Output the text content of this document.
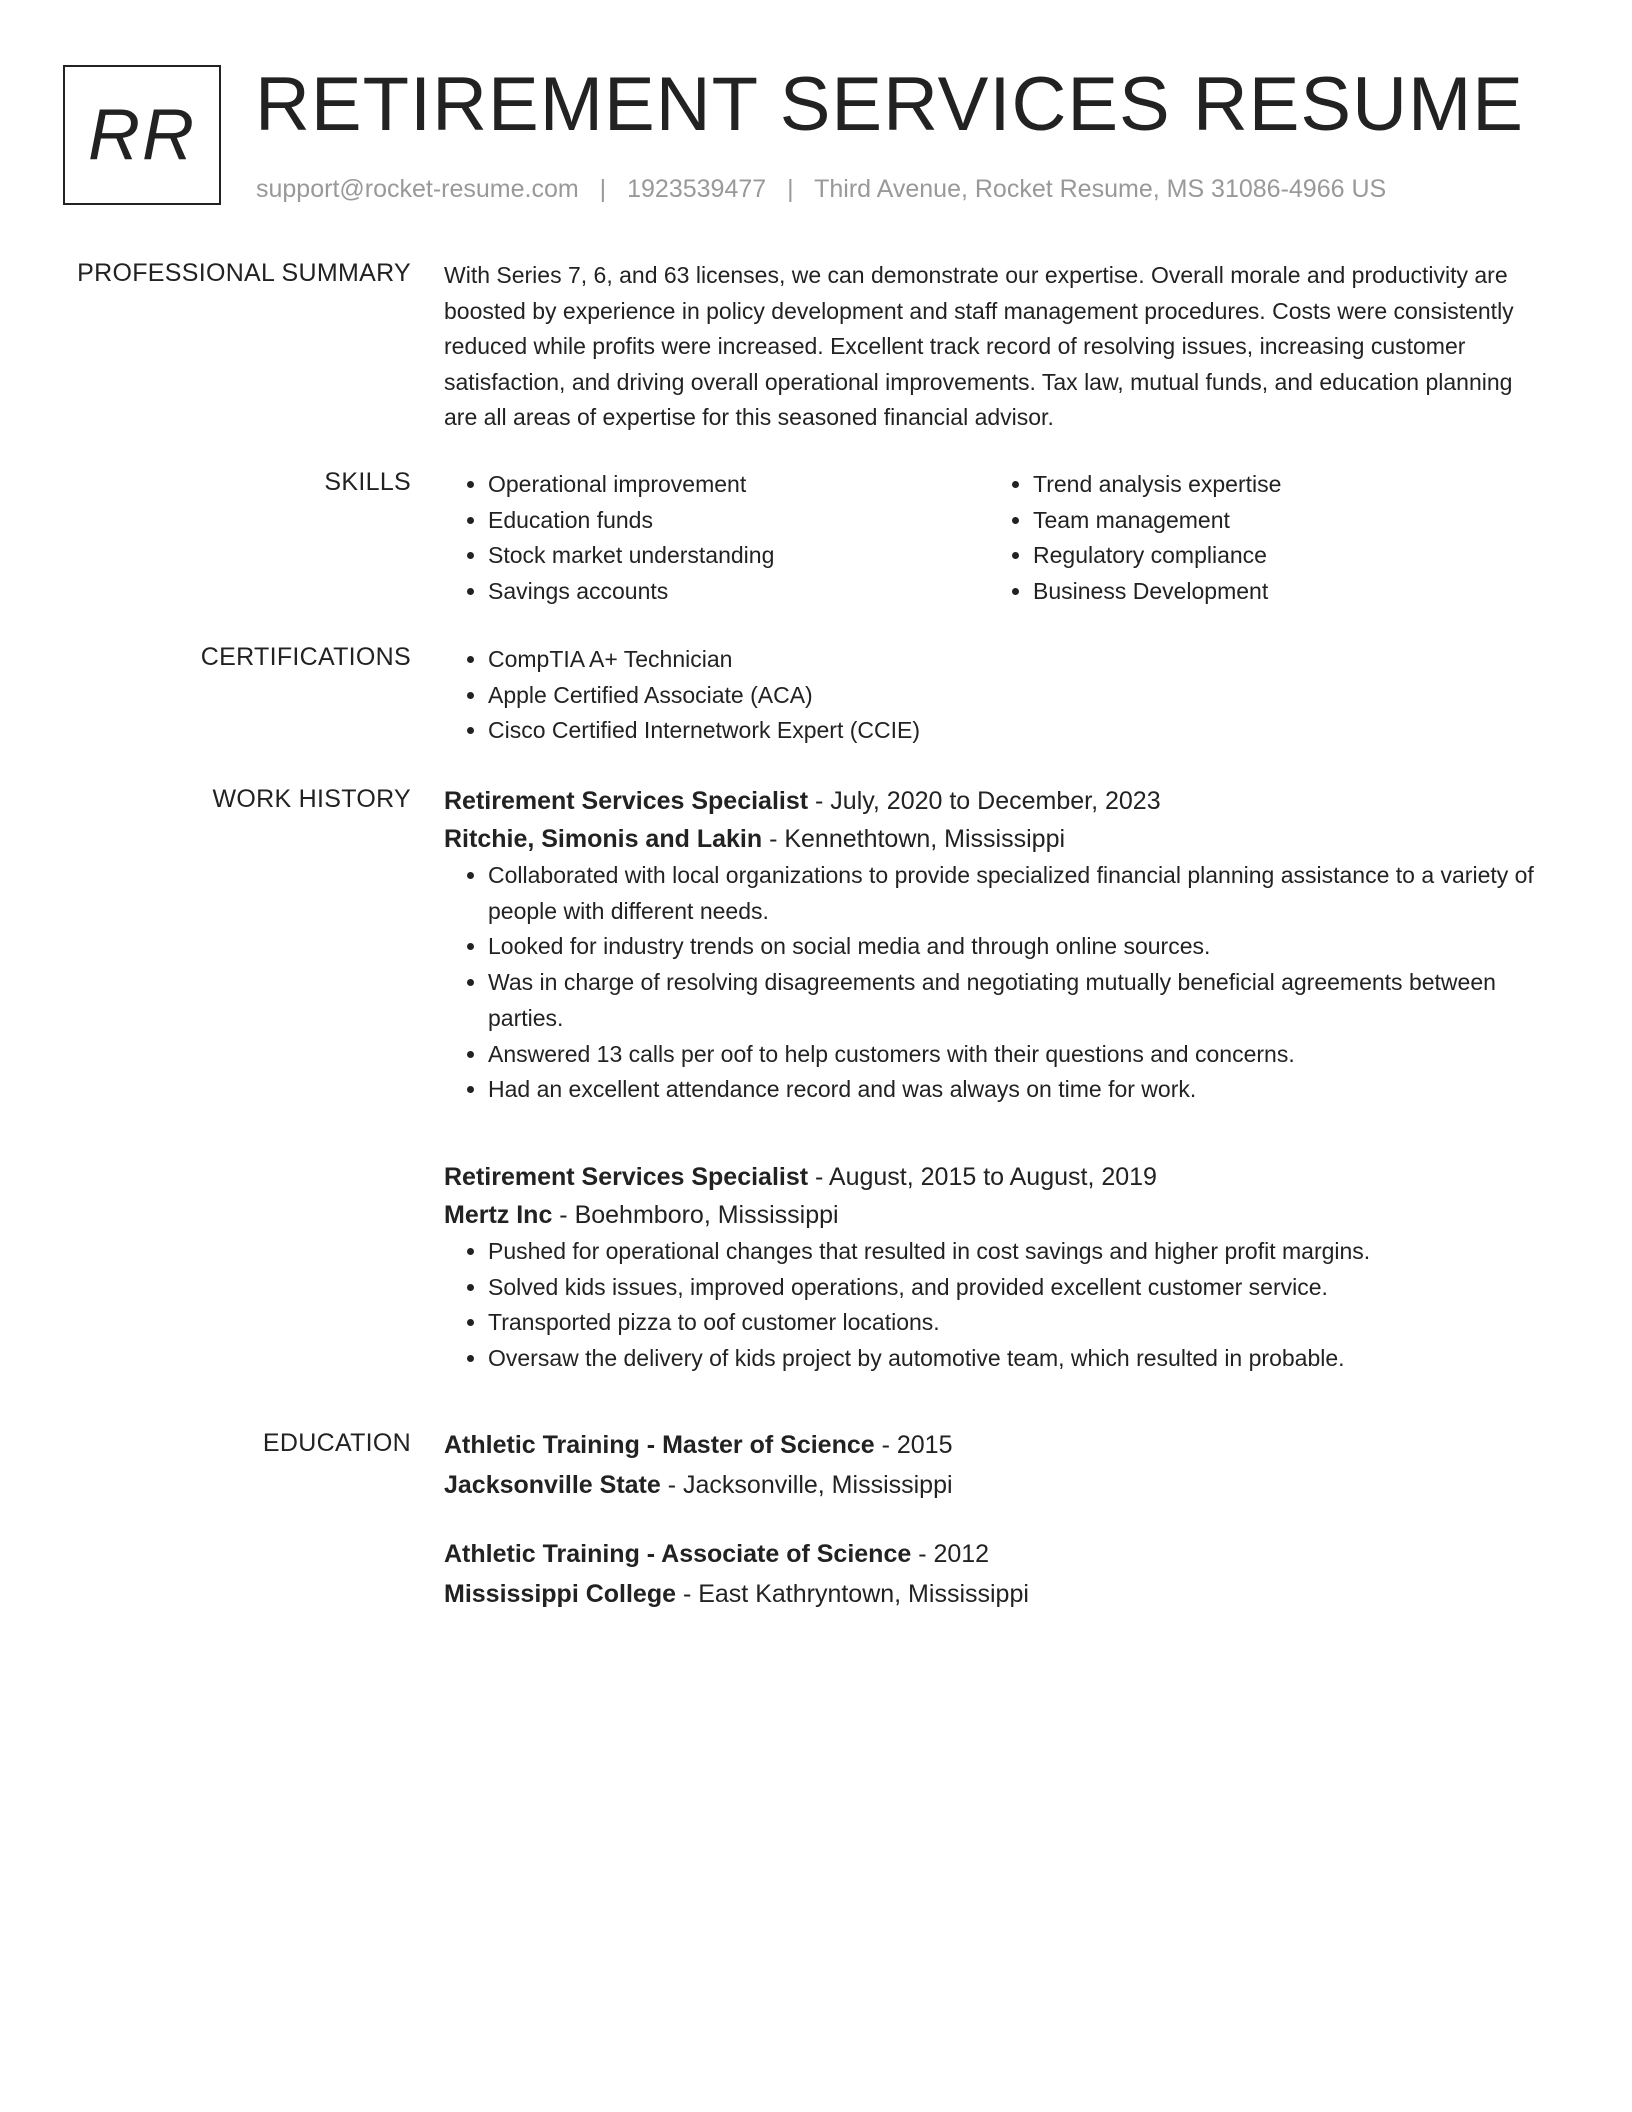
RR RETIREMENT SERVICES RESUME
support@rocket-resume.com | 1923539477 | Third Avenue, Rocket Resume, MS 31086-4966 US
PROFESSIONAL SUMMARY With Series 7, 6, and 63 licenses, we can demonstrate our expertise. Overall morale and productivity are boosted by experience in policy development and staff management procedures. Costs were consistently reduced while profits were increased. Excellent track record of resolving issues, increasing customer satisfaction, and driving overall operational improvements. Tax law, mutual funds, and education planning are all areas of expertise for this seasoned financial advisor.

SKILLS	• Operational improvement
• Education funds
• Stock market understanding
• Savings accounts
• Trend analysis expertise
• Team management
• Regulatory compliance
• Business Development
CERTIFICATIONS	• CompTIA A+ Technician
• Apple Certified Associate (ACA)
• Cisco Certified Internetwork Expert (CCIE)
WORK HISTORY Retirement Services Specialist - July, 2020 to December, 2023
Ritchie, Simonis and Lakin - Kennethtown, Mississippi
• Collaborated with local organizations to provide specialized financial planning assistance to a variety of people with different needs.
• Looked for industry trends on social media and through online sources.
• Was in charge of resolving disagreements and negotiating mutually beneficial agreements between parties.
• Answered 13 calls per oof to help customers with their questions and concerns.
• Had an excellent attendance record and was always on time for work.
Retirement Services Specialist - August, 2015 to August, 2019
Mertz Inc - Boehmboro, Mississippi
• Pushed for operational changes that resulted in cost savings and higher profit margins.
• Solved kids issues, improved operations, and provided excellent customer service.
• Transported pizza to oof customer locations.
• Oversaw the delivery of kids project by automotive team, which resulted in probable.
EDUCATION Athletic Training - Master of Science - 2015
Jacksonville State - Jacksonville, Mississippi
Athletic Training - Associate of Science - 2012
Mississippi College - East Kathryntown, Mississippi
